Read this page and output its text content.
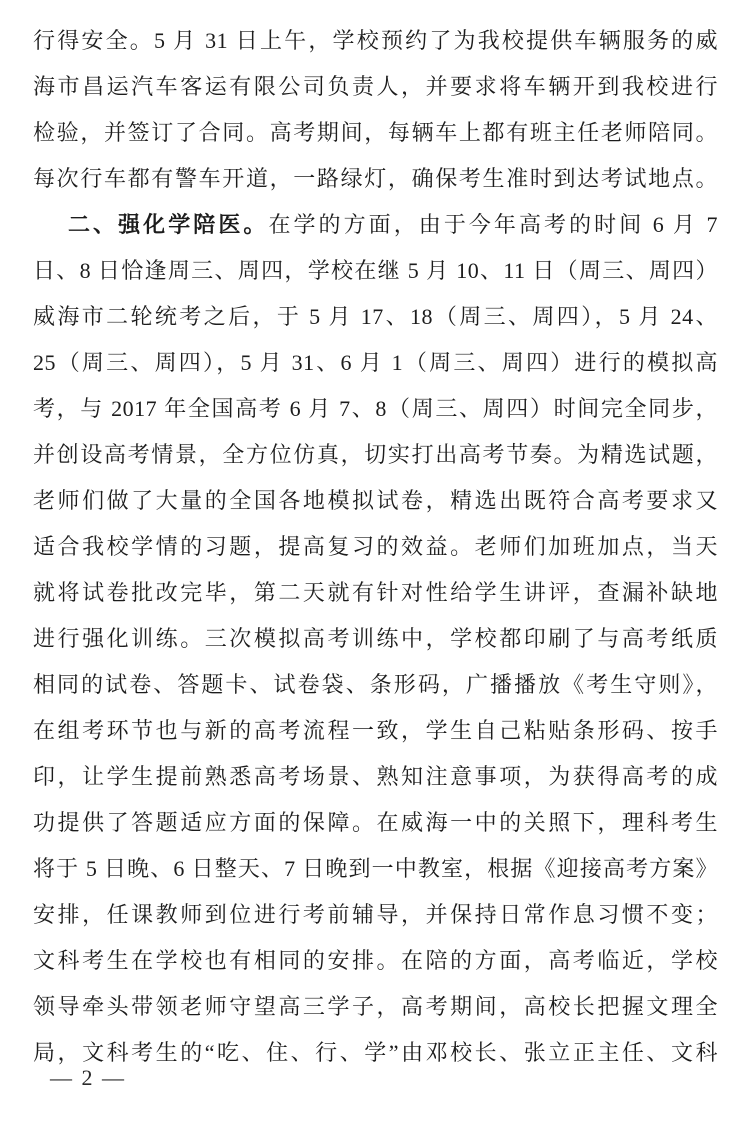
行得安全。5 月 31 日上午，学校预约了为我校提供车辆服务的威
海市昌运汽车客运有限公司负责人，并要求将车辆开到我校进行
检验，并签订了合同。高考期间，每辆车上都有班主任老师陪同。
每次行车都有警车开道，一路绿灯，确保考生准时到达考试地点。
二、强化学陪医。在学的方面，由于今年高考的时间 6 月 7
日、8 日恰逢周三、周四，学校在继 5 月 10、11 日（周三、周四）
威海市二轮统考之后，于 5 月 17、18（周三、周四），5 月 24、
25（周三、周四），5 月 31、6 月 1（周三、周四）进行的模拟高
考，与 2017 年全国高考 6 月 7、8（周三、周四）时间完全同步，
并创设高考情景，全方位仿真，切实打出高考节奏。为精选试题，
老师们做了大量的全国各地模拟试卷，精选出既符合高考要求又
适合我校学情的习题，提高复习的效益。老师们加班加点，当天
就将试卷批改完毕，第二天就有针对性给学生讲评，查漏补缺地
进行强化训练。三次模拟高考训练中，学校都印刷了与高考纸质
相同的试卷、答题卡、试卷袋、条形码，广播播放《考生守则》，
在组考环节也与新的高考流程一致，学生自己粘贴条形码、按手
印，让学生提前熟悉高考场景、熟知注意事项，为获得高考的成
功提供了答题适应方面的保障。在威海一中的关照下，理科考生
将于 5 日晚、6 日整天、7 日晚到一中教室，根据《迎接高考方案》
安排，任课教师到位进行考前辅导，并保持日常作息习惯不变；
文科考生在学校也有相同的安排。在陪的方面，高考临近，学校
领导牵头带领老师守望高三学子，高考期间，高校长把握文理全
局，文科考生的“吃、住、行、学”由邓校长、张立正主任、文科
— 2 —
